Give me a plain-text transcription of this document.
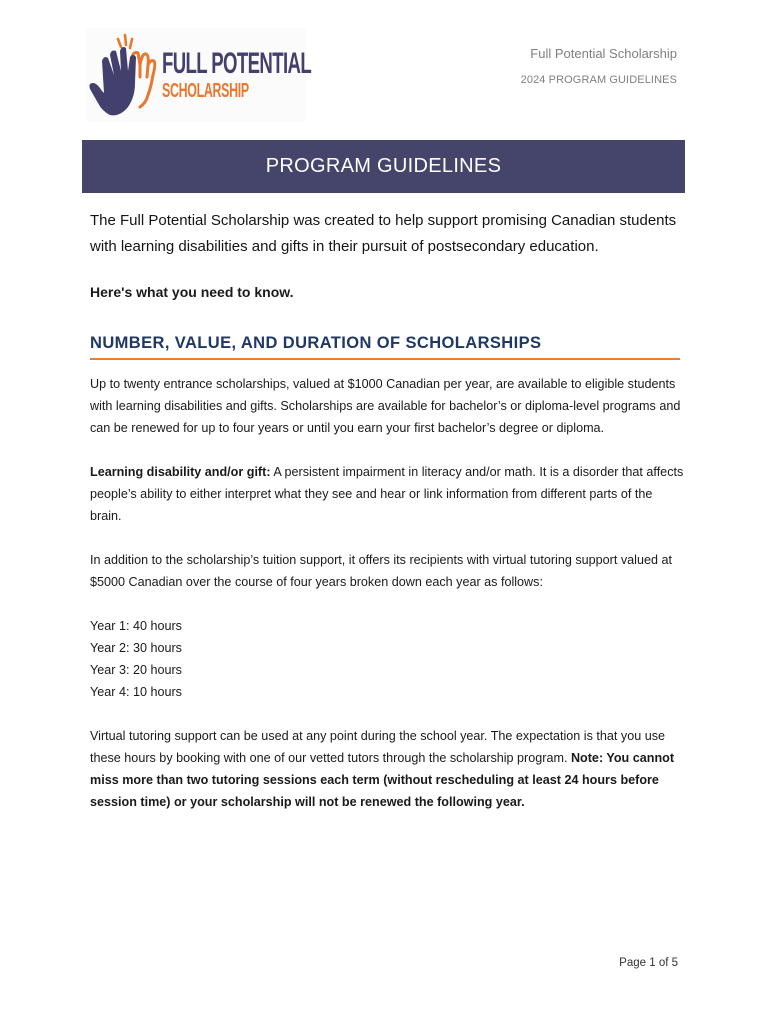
FULL POTENTIAL
SCHOLARSHIP
Full Potential Scholarship
2024 PROGRAM GUIDELINES
PROGRAM GUIDELINES

The Full Potential Scholarship was created to help support promising Canadian students with learning disabilities and gifts in their pursuit of postsecondary education.

Here's what you need to know.

NUMBER, VALUE, AND DURATION OF SCHOLARSHIPS

Up to twenty entrance scholarships, valued at $1000 Canadian per year, are available to eligible students with learning disabilities and gifts. Scholarships are available for bachelor’s or diploma-level programs and can be renewed for up to four years or until you earn your first bachelor’s degree or diploma.

Learning disability and/or gift: A persistent impairment in literacy and/or math. It is a disorder that affects people’s ability to either interpret what they see and hear or link information from different parts of the brain.

In addition to the scholarship’s tuition support, it offers its recipients with virtual tutoring support valued at $5000 Canadian over the course of four years broken down each year as follows:

Year 1: 40 hours
Year 2: 30 hours
Year 3: 20 hours
Year 4: 10 hours

Virtual tutoring support can be used at any point during the school year. The expectation is that you use these hours by booking with one of our vetted tutors through the scholarship program. Note: You cannot miss more than two tutoring sessions each term (without rescheduling at least 24 hours before session time) or your scholarship will not be renewed the following year.

Page 1 of 5
